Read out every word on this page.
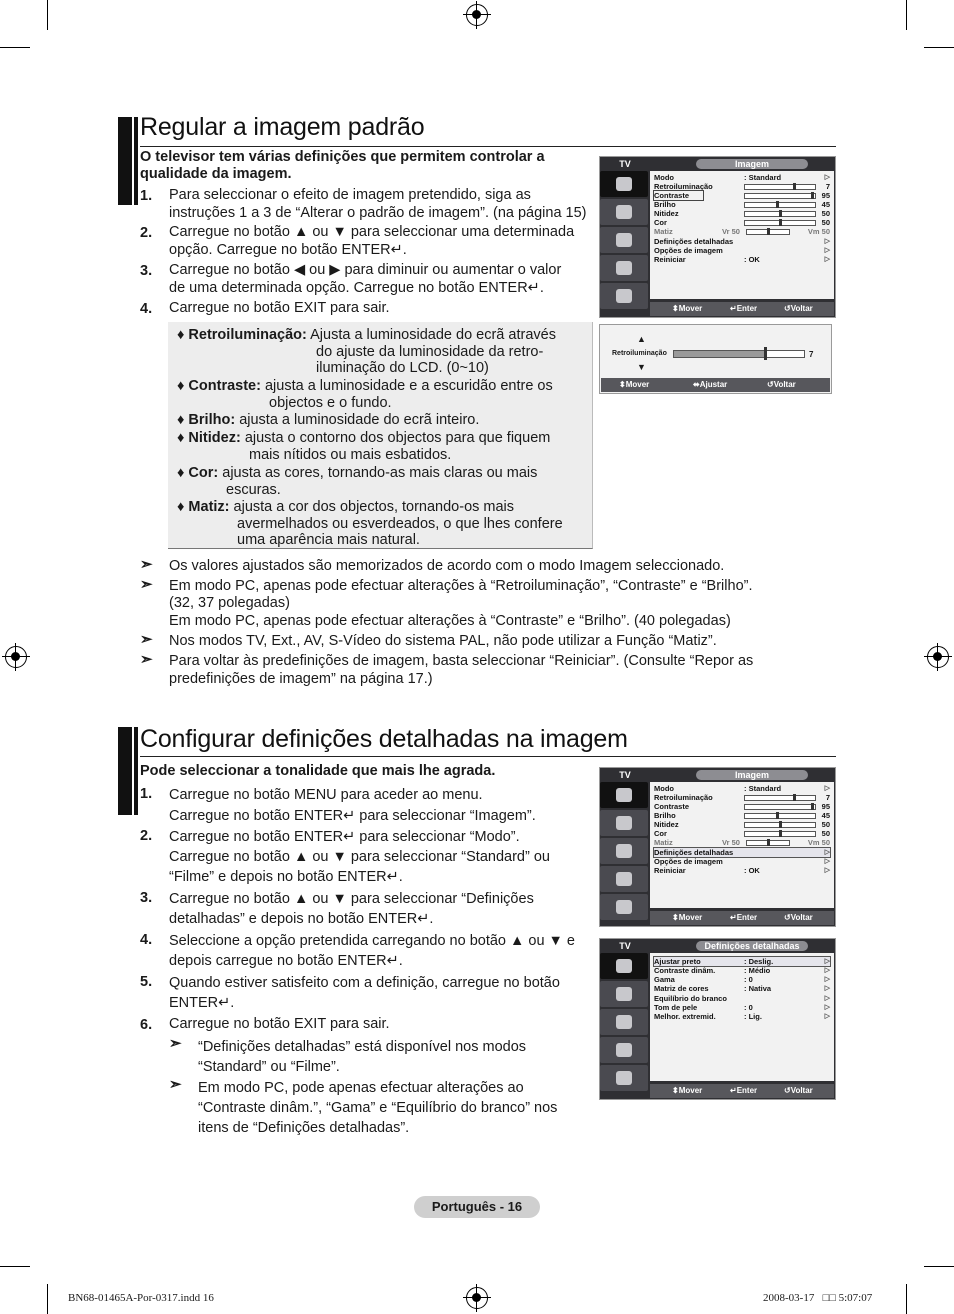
Regular a imagem padrão
O televisor tem várias definições que permitem controlar a qualidade da imagem.
1. Para seleccionar o efeito de imagem pretendido, siga as
instruções 1 a 3 de “Alterar o padrão de imagem”. (na página 15)
2. Carregue no botão ▲ ou ▼ para seleccionar uma determinada
opção. Carregue no botão ENTER↵.
3. Carregue no botão ◀ ou ▶ para diminuir ou aumentar o valor
de uma determinada opção. Carregue no botão ENTER↵.
4. Carregue no botão EXIT para sair.
♦ Retroiluminação: Ajusta a luminosidade do ecrã através
do ajuste da luminosidade da retro-
iluminação do LCD. (0~10)
♦ Contraste: ajusta a luminosidade e a escuridão entre os
objectos e o fundo.
♦ Brilho: ajusta a luminosidade do ecrã inteiro.
♦ Nitidez: ajusta o contorno dos objectos para que fiquem
mais nítidos ou mais esbatidos.
♦ Cor: ajusta as cores, tornando-as mais claras ou mais
escuras.
♦ Matiz: ajusta a cor dos objectos, tornando-os mais
avermelhados ou esverdeados, o que lhes confere
uma aparência mais natural.
➣ Os valores ajustados são memorizados de acordo com o modo Imagem seleccionado.
➣ Em modo PC, apenas pode efectuar alterações à “Retroiluminação”, “Contraste” e “Brilho”.
(32, 37 polegadas)
Em modo PC, apenas pode efectuar alterações à “Contraste” e “Brilho”. (40 polegadas)
➣ Nos modos TV, Ext., AV, S-Vídeo do sistema PAL, não pode utilizar a Função “Matiz”.
➣ Para voltar às predefinições de imagem, basta seleccionar “Reiniciar”. (Consulte “Repor as
predefinições de imagem” na página 17.)
TV	Imagem
Modo	: Standard	▷
Retroiluminação	7
Contraste	95
Brilho	45
Nitidez	50
Cor	50
Matiz	Vr 50	Vm 50
Definições detalhadas	▷
Opções de imagem	▷
Reiniciar	: OK	▷
⬍ Mover	↵ Enter	↺ Voltar
▲
Retroiluminação	7
▼
⬍ Mover	⬌ Ajustar	↺ Voltar
Configurar definições detalhadas na imagem
Pode seleccionar a tonalidade que mais lhe agrada.
1. Carregue no botão MENU para aceder ao menu.
Carregue no botão ENTER↵ para seleccionar “Imagem”.
2. Carregue no botão ENTER↵ para seleccionar “Modo”.
Carregue no botão ▲ ou ▼ para seleccionar “Standard” ou
“Filme” e depois no botão ENTER↵.
3. Carregue no botão ▲ ou ▼ para seleccionar “Definições
detalhadas” e depois no botão ENTER↵.
4. Seleccione a opção pretendida carregando no botão ▲ ou ▼ e
depois carregue no botão ENTER↵.
5. Quando estiver satisfeito com a definição, carregue no botão
ENTER↵.
6. Carregue no botão EXIT para sair.
➣ “Definições detalhadas” está disponível nos modos
“Standard” ou “Filme”.
➣ Em modo PC, pode apenas efectuar alterações ao
“Contraste dinâm.”, “Gama” e “Equilíbrio do branco” nos
itens de “Definições detalhadas”.
TV	Imagem
Modo	: Standard	▷
Retroiluminação	7
Contraste	95
Brilho	45
Nitidez	50
Cor	50
Matiz	Vr 50	Vm 50
Definições detalhadas	▷
Opções de imagem	▷
Reiniciar	: OK	▷
⬍ Mover	↵ Enter	↺ Voltar
TV	Definições detalhadas
Ajustar preto	: Deslig.	▷
Contraste dinâm.	: Médio	▷
Gama	: 0	▷
Matriz de cores	: Nativa	▷
Equilíbrio do branco	▷
Tom de pele	: 0	▷
Melhor. extremid.	: Lig.	▷
⬍ Mover	↵ Enter	↺ Voltar
Português - 16
BN68-01465A-Por-0317.indd 16	2008-03-17   □□ 5:07:07
